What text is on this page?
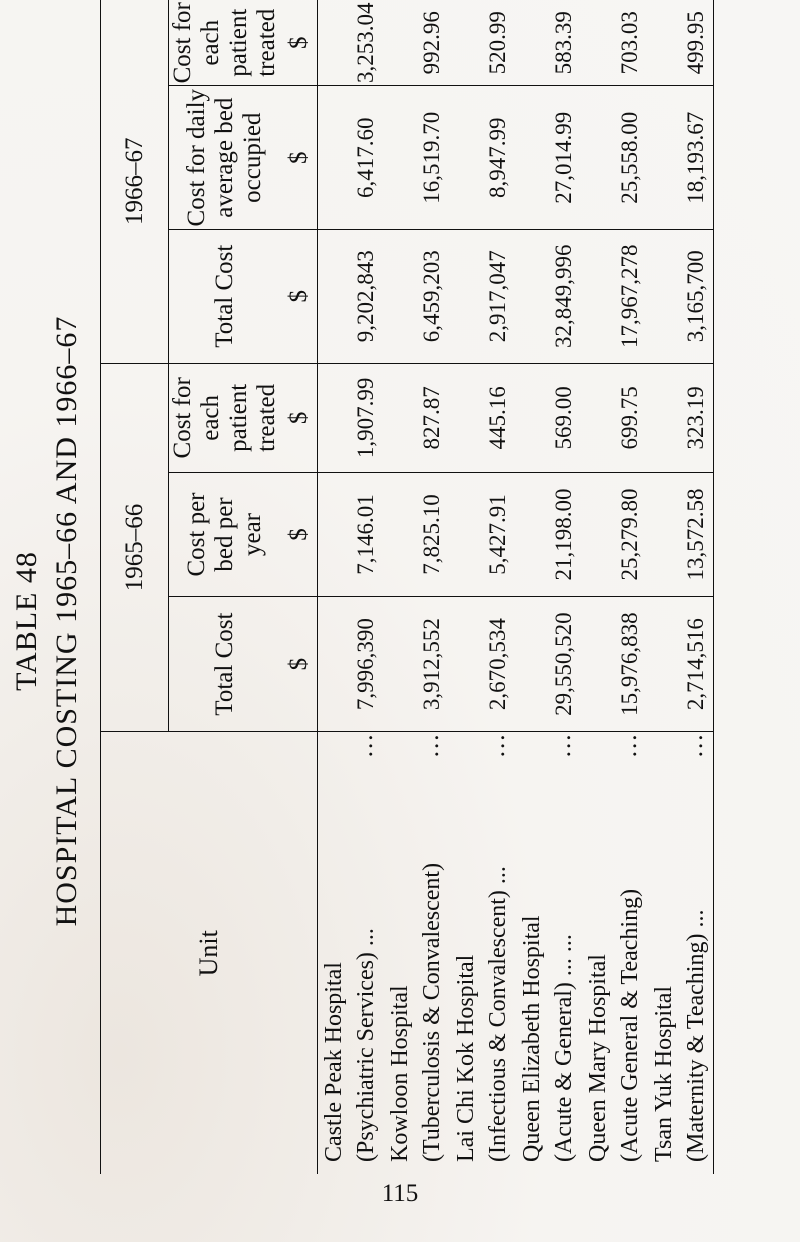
TABLE 48 HOSPITAL COSTING 1965–66 AND 1966–67
Unit		1965–66			1966–67		
		Total Cost	Cost per bed per year	Cost for each patient treated	Total Cost	Cost for daily average bed occupied	Cost for each patient treated
		$	$	$	$	$	$

Castle Peak Hospital (Psychiatric Services) ...	...	7,996,390	7,146.01	1,907.99	9,202,843	6,417.60	3,253.04

Kowloon Hospital (Tuberculosis & Convalescent)	...	3,912,552	7,825.10	827.87	6,459,203	16,519.70	992.96

Lai Chi Kok Hospital (Infectious & Convalescent) ...	...	2,670,534	5,427.91	445.16	2,917,047	8,947.99	520.99

Queen Elizabeth Hospital (Acute & General) ... ...	...	29,550,520	21,198.00	569.00	32,849,996	27,014.99	583.39

Queen Mary Hospital (Acute General & Teaching)	...	15,976,838	25,279.80	699.75	17,967,278	25,558.00	703.03

Tsan Yuk Hospital (Maternity & Teaching) ...	...	2,714,516	13,572.58	323.19	3,165,700	18,193.67	499.95
115
